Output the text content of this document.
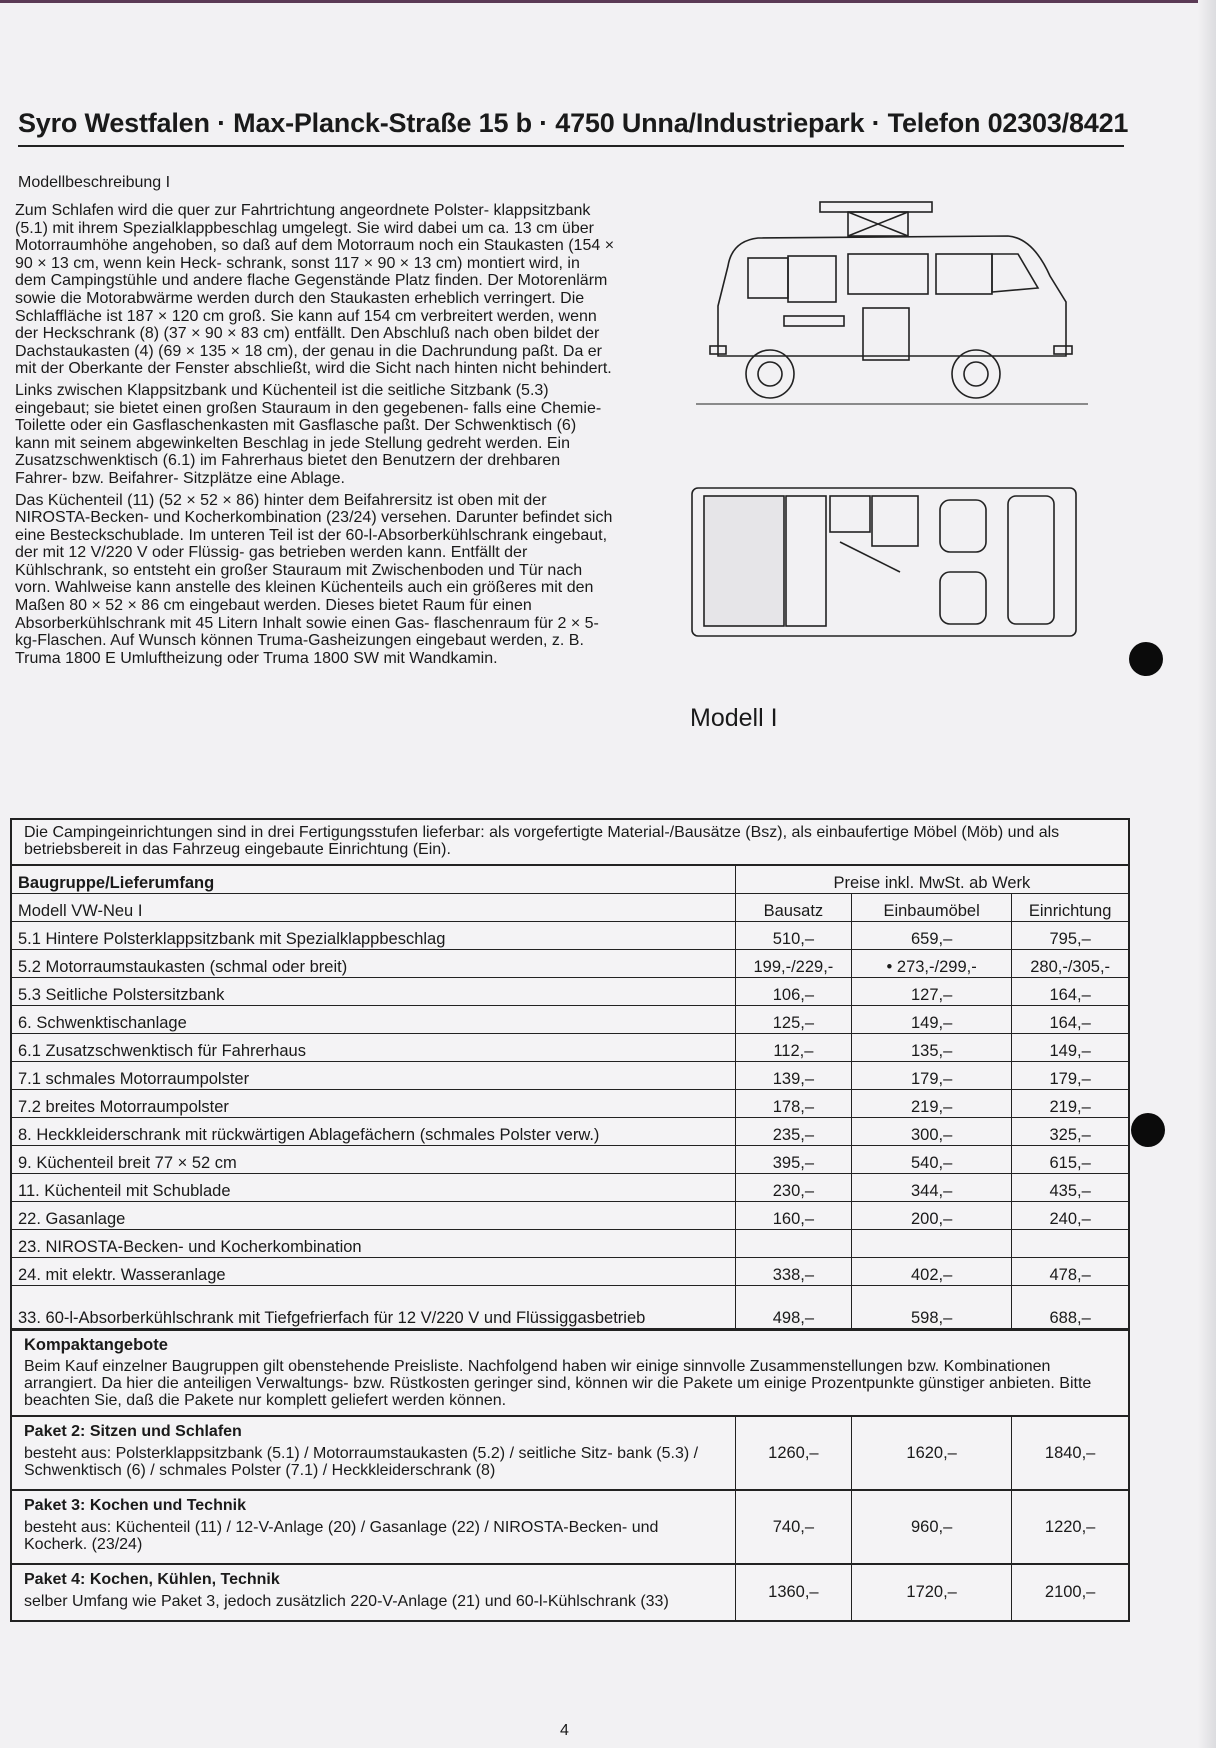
Syro Westfalen · Max-Planck-Straße 15 b · 4750 Unna/Industriepark · Telefon 02303/8421
Modellbeschreibung I

Zum Schlafen wird die quer zur Fahrtrichtung angeordnete Polster- klappsitzbank (5.1) mit ihrem Spezialklappbeschlag umgelegt. Sie wird dabei um ca. 13 cm über Motorraumhöhe angehoben, so daß auf dem Motorraum noch ein Staukasten (154 × 90 × 13 cm, wenn kein Heck- schrank, sonst 117 × 90 × 13 cm) montiert wird, in dem Campingstühle und andere flache Gegenstände Platz finden. Der Motorenlärm sowie die Motorabwärme werden durch den Staukasten erheblich verringert. Die Schlaffläche ist 187 × 120 cm groß. Sie kann auf 154 cm verbreitert werden, wenn der Heckschrank (8) (37 × 90 × 83 cm) entfällt. Den Abschluß nach oben bildet der Dachstaukasten (4) (69 × 135 × 18 cm), der genau in die Dachrundung paßt. Da er mit der Oberkante der Fenster abschließt, wird die Sicht nach hinten nicht behindert.

Links zwischen Klappsitzbank und Küchenteil ist die seitliche Sitzbank (5.3) eingebaut; sie bietet einen großen Stauraum in den gegebenen- falls eine Chemie-Toilette oder ein Gasflaschenkasten mit Gasflasche paßt. Der Schwenktisch (6) kann mit seinem abgewinkelten Beschlag in jede Stellung gedreht werden. Ein Zusatzschwenktisch (6.1) im Fahrerhaus bietet den Benutzern der drehbaren Fahrer- bzw. Beifahrer- Sitzplätze eine Ablage.

Das Küchenteil (11) (52 × 52 × 86) hinter dem Beifahrersitz ist oben mit der NIROSTA-Becken- und Kocherkombination (23/24) versehen. Darunter befindet sich eine Besteckschublade. Im unteren Teil ist der 60-l-Absorberkühlschrank eingebaut, der mit 12 V/220 V oder Flüssig- gas betrieben werden kann. Entfällt der Kühlschrank, so entsteht ein großer Stauraum mit Zwischenboden und Tür nach vorn. Wahlweise kann anstelle des kleinen Küchenteils auch ein größeres mit den Maßen 80 × 52 × 86 cm eingebaut werden. Dieses bietet Raum für einen Absorberkühlschrank mit 45 Litern Inhalt sowie einen Gas- flaschenraum für 2 × 5-kg-Flaschen. Auf Wunsch können Truma-Gasheizungen eingebaut werden, z. B. Truma 1800 E Umluftheizung oder Truma 1800 SW mit Wandkamin.

Modell I
Die Campingeinrichtungen sind in drei Fertigungsstufen lieferbar: als vorgefertigte Material-/Bausätze (Bsz), als einbaufertige Möbel (Möb) und als betriebsbereit in das Fahrzeug eingebaute Einrichtung (Ein).
Baugruppe/Lieferumfang	Preise inkl. MwSt. ab Werk		
Modell VW-Neu I	Bausatz	Einbaumöbel	Einrichtung
5.1 Hintere Polsterklappsitzbank mit Spezialklappbeschlag	510,–	659,–	795,–
5.2 Motorraumstaukasten (schmal oder breit)	199,-/229,-	• 273,-/299,-	280,-/305,-
5.3 Seitliche Polstersitzbank	106,–	127,–	164,–
6. Schwenktischanlage	125,–	149,–	164,–
6.1 Zusatzschwenktisch für Fahrerhaus	112,–	135,–	149,–
7.1 schmales Motorraumpolster	139,–	179,–	179,–
7.2 breites Motorraumpolster	178,–	219,–	219,–
8. Heckkleiderschrank mit rückwärtigen Ablagefächern (schmales Polster verw.)	235,–	300,–	325,–
9. Küchenteil breit 77 × 52 cm	395,–	540,–	615,–
11. Küchenteil mit Schublade	230,–	344,–	435,–
22. Gasanlage	160,–	200,–	240,–
23. NIROSTA-Becken- und Kocherkombination			
24. mit elektr. Wasseranlage	338,–	402,–	478,–
33. 60-l-Absorberkühlschrank mit Tiefgefrierfach für 12 V/220 V und Flüssiggasbetrieb	498,–	598,–	688,–
Kompaktangebote
Beim Kauf einzelner Baugruppen gilt obenstehende Preisliste. Nachfolgend haben wir einige sinnvolle Zusammenstellungen bzw. Kombinationen arrangiert. Da hier die anteiligen Verwaltungs- bzw. Rüstkosten geringer sind, können wir die Pakete um einige Prozentpunkte günstiger anbieten. Bitte beachten Sie, daß die Pakete nur komplett geliefert werden können.
Paket 2: Sitzen und Schlafen
besteht aus: Polsterklappsitzbank (5.1) / Motorraumstaukasten (5.2) / seitliche Sitz- bank (5.3) / Schwenktisch (6) / schmales Polster (7.1) / Heckkleiderschrank (8)	1260,–	1620,–	1840,–

Paket 3: Kochen und Technik
besteht aus: Küchenteil (11) / 12-V-Anlage (20) / Gasanlage (22) / NIROSTA-Becken- und Kocherk. (23/24)	740,–	960,–	1220,–

Paket 4: Kochen, Kühlen, Technik
selber Umfang wie Paket 3, jedoch zusätzlich 220-V-Anlage (21) und 60-l-Kühlschrank (33)	1360,–	1720,–	2100,–
4
